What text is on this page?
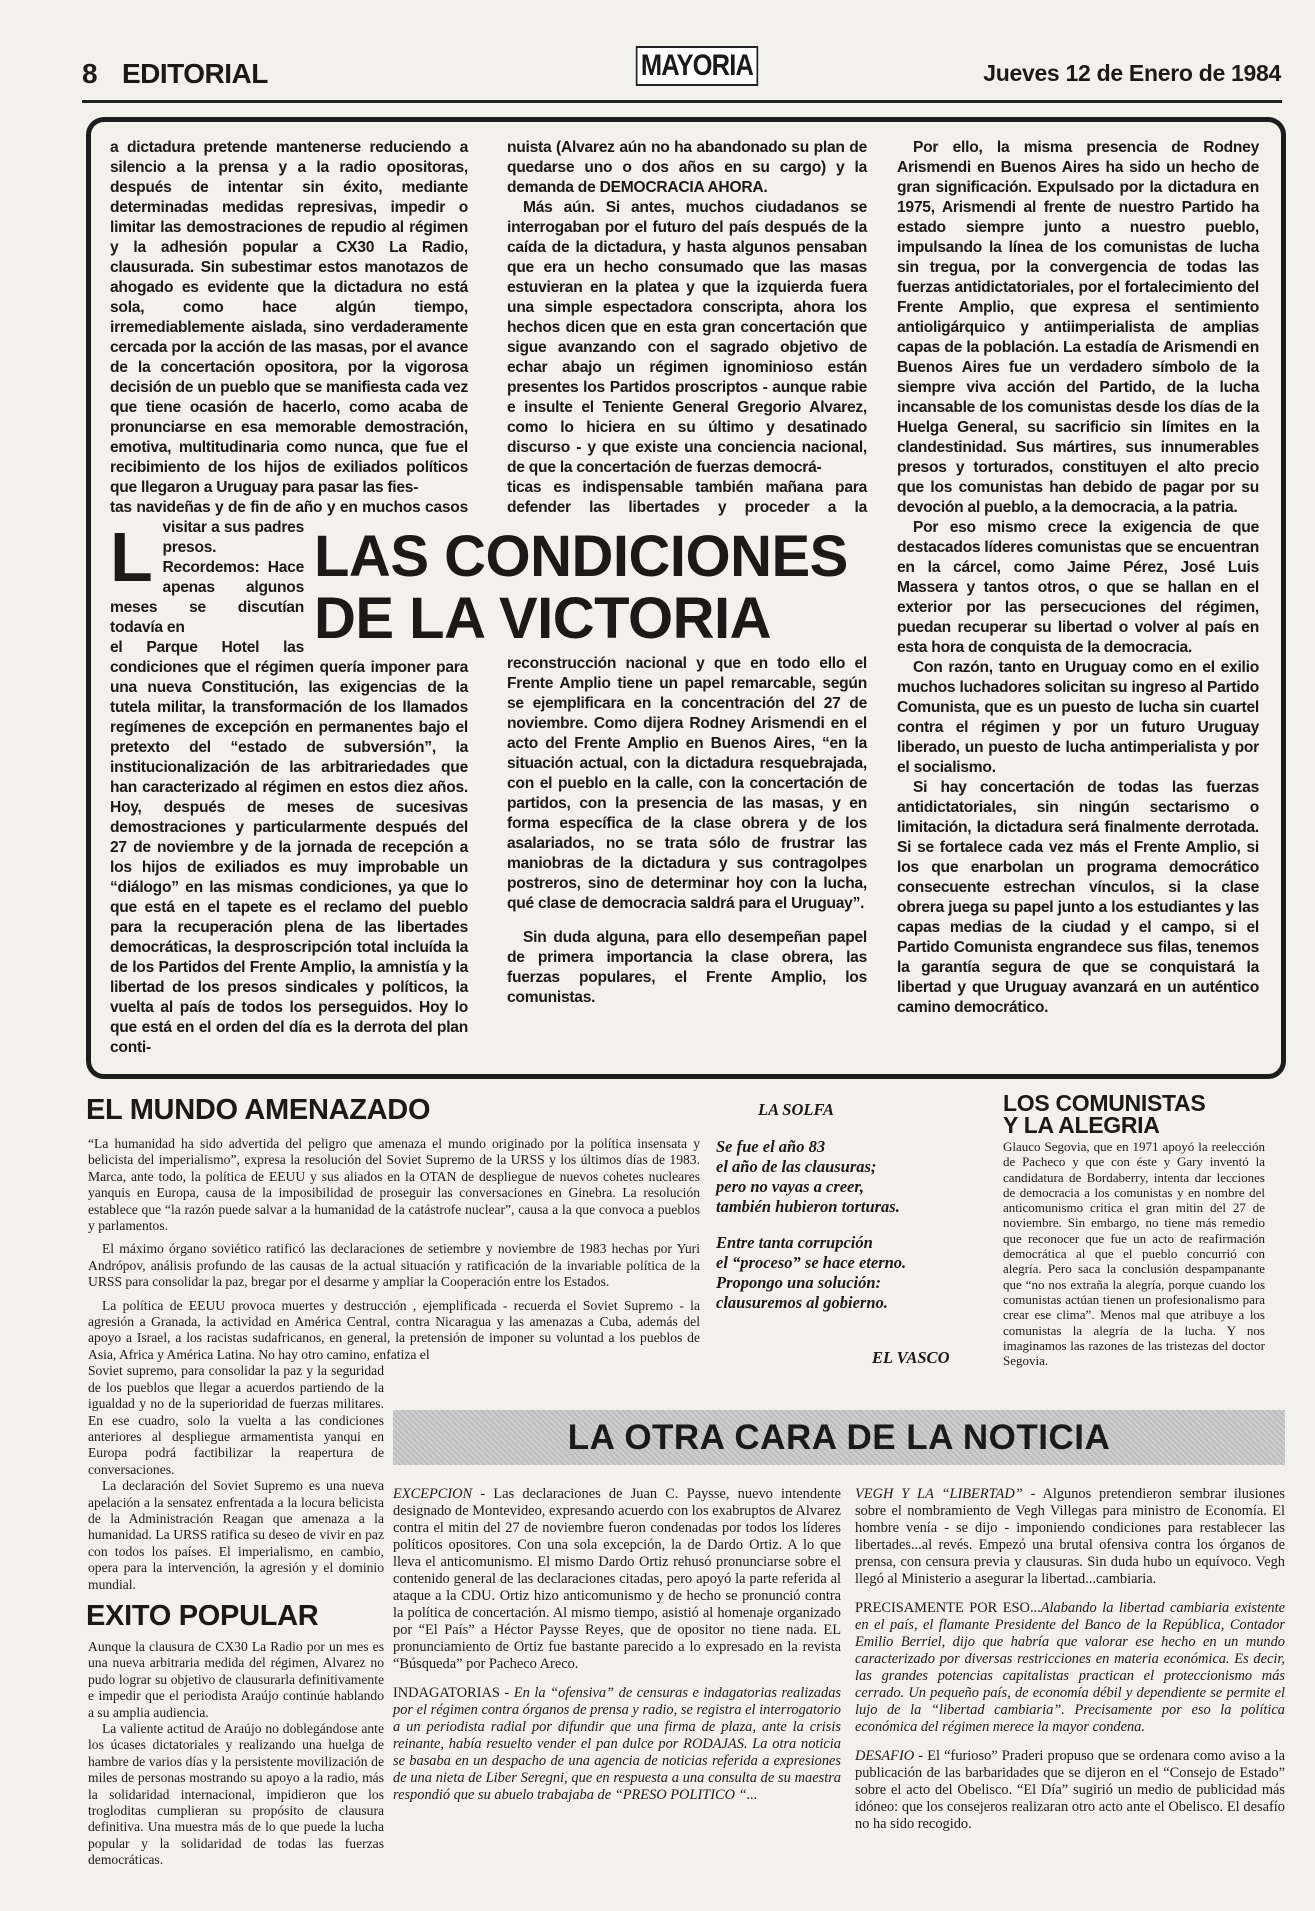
8 EDITORIAL	MAYORIA	Jueves 12 de Enero de 1984
L

a dictadura pretende mantenerse reduciendo a silencio a la prensa y a la radio opositoras, después de intentar sin éxito, mediante determinadas medidas represivas, impedir o limitar las demostraciones de repudio al régimen y la adhesión popular a CX30 La Radio, clausurada. Sin subestimar estos manotazos de ahogado es evidente que la dictadura no está sola, como hace algún tiempo, irremediablemente aislada, sino verdaderamente cercada por la acción de las masas, por el avance de la concertación opositora, por la vigorosa decisión de un pueblo que se manifiesta cada vez que tiene ocasión de hacerlo, como acaba de pronunciarse en esa memorable demostración, emotiva, multitudinaria como nunca, que fue el recibimiento de los hijos de exiliados políticos que llegaron a Uruguay para pasar las fies-

tas navideñas y de fin de año y en muchos casos visitar a sus padres presos.

Recordemos: Hace apenas algunos meses se discutían todavía en

el Parque Hotel las condiciones que el régimen quería imponer para una nueva Constitución, las exigencias de la tutela militar, la transformación de los llamados regímenes de excepción en permanentes bajo el pretexto del “estado de subversión”, la institucionalización de las arbitrariedades que han caracterizado al régimen en estos diez años. Hoy, después de meses de sucesivas demostraciones y particularmente después del 27 de noviembre y de la jornada de recepción a los hijos de exiliados es muy improbable un “diálogo” en las mismas condiciones, ya que lo que está en el tapete es el reclamo del pueblo para la recuperación plena de las libertades democráticas, la desproscripción total incluída la de los Partidos del Frente Amplio, la amnistía y la libertad de los presos sindicales y políticos, la vuelta al país de todos los perseguidos. Hoy lo que está en el orden del día es la derrota del plan conti-

nuista (Alvarez aún no ha abandonado su plan de quedarse uno o dos años en su cargo) y la demanda de DEMOCRACIA AHORA.

Más aún. Si antes, muchos ciudadanos se interrogaban por el futuro del país después de la caída de la dictadura, y hasta algunos pensaban que era un hecho consumado que las masas estuvieran en la platea y que la izquierda fuera una simple espectadora conscripta, ahora los hechos dicen que en esta gran concertación que sigue avanzando con el sagrado objetivo de echar abajo un régimen ignominioso están presentes los Partidos proscriptos - aunque rabie e insulte el Teniente General Gregorio Alvarez, como lo hiciera en su último y desatinado discurso - y que existe una conciencia nacional, de que la concertación de fuerzas democrá-

ticas es indispensable también mañana para defender las libertades y proceder a la reconstrucción nacional y que en todo ello el Frente Amplio tiene un papel remarcable, según se ejemplificara en la concentración del 27 de noviembre. Como dijera Rodney Arismendi en el acto del Frente Amplio en Buenos Aires, “en la situación actual, con la dictadura resquebrajada, con el pueblo en la calle, con la concertación de partidos, con la presencia de las masas, y en forma específica de la clase obrera y de los asalariados, no se trata sólo de frustrar las maniobras de la dictadura y sus contragolpes postreros, sino de determinar hoy con la lucha, qué clase de democracia saldrá para el Uruguay”.

Sin duda alguna, para ello desempeñan papel de primera importancia la clase obrera, las fuerzas populares, el Frente Amplio, los comunistas.

LAS CONDICIONES
DE LA VICTORIA

Por ello, la misma presencia de Rodney Arismendi en Buenos Aires ha sido un hecho de gran significación. Expulsado por la dictadura en 1975, Arismendi al frente de nuestro Partido ha estado siempre junto a nuestro pueblo, impulsando la línea de los comunistas de lucha sin tregua, por la convergencia de todas las fuerzas antidictatoriales, por el fortalecimiento del Frente Amplio, que expresa el sentimiento antioligárquico y antiimperialista de amplias capas de la población. La estadía de Arismendi en Buenos Aires fue un verdadero símbolo de la siempre viva acción del Partido, de la lucha incansable de los comunistas desde los días de la Huelga General, su sacrificio sin límites en la clandestinidad. Sus mártires, sus innumerables presos y torturados, constituyen el alto precio que los comunistas han debido de pagar por su devoción al pueblo, a la democracia, a la patria.

Por eso mismo crece la exigencia de que destacados líderes comunistas que se encuentran en la cárcel, como Jaime Pérez, José Luis Massera y tantos otros, o que se hallan en el exterior por las persecuciones del régimen, puedan recuperar su libertad o volver al país en esta hora de conquista de la democracia.

Con razón, tanto en Uruguay como en el exilio muchos luchadores solicitan su ingreso al Partido Comunista, que es un puesto de lucha sin cuartel contra el régimen y por un futuro Uruguay liberado, un puesto de lucha antimperialista y por el socialismo.

Si hay concertación de todas las fuerzas antidictatoriales, sin ningún sectarismo o limitación, la dictadura será finalmente derrotada. Si se fortalece cada vez más el Frente Amplio, si los que enarbolan un programa democrático consecuente estrechan vínculos, si la clase obrera juega su papel junto a los estudiantes y las capas medias de la ciudad y el campo, si el Partido Comunista engrandece sus filas, tenemos la garantía segura de que se conquistará la libertad y que Uruguay avanzará en un auténtico camino democrático.

EL MUNDO AMENAZADO

“La humanidad ha sido advertida del peligro que amenaza el mundo originado por la política insensata y belicista del imperialismo”, expresa la resolución del Soviet Supremo de la URSS y los últimos días de 1983. Marca, ante todo, la política de EEUU y sus aliados en la OTAN de despliegue de nuevos cohetes nucleares yanquis en Europa, causa de la imposibilidad de proseguir las conversaciones en Ginebra. La resolución establece que “la razón puede salvar a la humanidad de la catástrofe nuclear”, causa a la que convoca a pueblos y parlamentos.

El máximo órgano soviético ratificó las declaraciones de setiembre y noviembre de 1983 hechas por Yuri Andrópov, análisis profundo de las causas de la actual situación y ratificación de la invariable política de la URSS para consolidar la paz, bregar por el desarme y ampliar la Cooperación entre los Estados.

La política de EEUU provoca muertes y destrucción , ejemplificada - recuerda el Soviet Supremo - la agresión a Granada, la actividad en América Central, contra Nicaragua y las amenazas a Cuba, además del apoyo a Israel, a los racistas sudafricanos, en general, la pretensión de imponer su voluntad a los pueblos de Asia, Africa y América Latina. No hay otro camino, enfatiza el

Soviet supremo, para consolidar la paz y la seguridad de los pueblos que llegar a acuerdos partiendo de la igualdad y no de la superioridad de fuerzas militares. En ese cuadro, solo la vuelta a las condiciones anteriores al despliegue armamentista yanqui en Europa podrá factibilizar la reapertura de conversaciones.

La declaración del Soviet Supremo es una nueva apelación a la sensatez enfrentada a la locura belicista de la Administración Reagan que amenaza a la humanidad. La URSS ratifica su deseo de vivir en paz con todos los países. El imperialismo, en cambio, opera para la intervención, la agresión y el dominio mundial.

EXITO POPULAR

Aunque la clausura de CX30 La Radio por un mes es una nueva arbitraria medida del régimen, Alvarez no pudo lograr su objetivo de clausurarla definitivamente e impedir que el periodista Araújo continúe hablando a su amplia audiencia.

La valiente actitud de Araújo no doblegándose ante los úcases dictatoriales y realizando una huelga de hambre de varios días y la persistente movilización de miles de personas mostrando su apoyo a la radio, más la solidaridad internacional, impidieron que los trogloditas cumplieran su propósito de clausura definitiva. Una muestra más de lo que puede la lucha popular y la solidaridad de todas las fuerzas democráticas.

LA SOLFA
Se fue el año 83
el año de las clausuras;
pero no vayas a creer,
también hubieron torturas.
Entre tanta corrupción
el “proceso” se hace eterno.
Propongo una solución:
clausuremos al gobierno.
EL VASCO
LOS COMUNISTAS
Y LA ALEGRIA

Glauco Segovia, que en 1971 apoyó la reelección de Pacheco y que con éste y Gary inventó la candidatura de Bordaberry, intenta dar lecciones de democracia a los comunistas y en nombre del anticomunismo critica el gran mitin del 27 de noviembre. Sin embargo, no tiene más remedio que reconocer que fue un acto de reafirmación democrática al que el pueblo concurrió con alegría. Pero saca la conclusión despampanante que “no nos extraña la alegría, porque cuando los comunistas actúan tienen un profesionalismo para crear ese clima”. Menos mal que atribuye a los comunistas la alegría de la lucha. Y nos imaginamos las razones de las tristezas del doctor Segovia.

LA OTRA CARA DE LA NOTICIA

EXCEPCION - Las declaraciones de Juan C. Paysse, nuevo intendente designado de Montevideo, expresando acuerdo con los exabruptos de Alvarez contra el mitin del 27 de noviembre fueron condenadas por todos los líderes políticos opositores. Con una sola excepción, la de Dardo Ortiz. A lo que lleva el anticomunismo. El mismo Dardo Ortiz rehusó pronunciarse sobre el contenido general de las declaraciones citadas, pero apoyó la parte referida al ataque a la CDU. Ortiz hizo anticomunismo y de hecho se pronunció contra la política de concertación. Al mismo tiempo, asistió al homenaje organizado por “El País” a Héctor Paysse Reyes, que de opositor no tiene nada. EL pronunciamiento de Ortiz fue bastante parecido a lo expresado en la revista “Búsqueda” por Pacheco Areco.

INDAGATORIAS - En la “ofensiva” de censuras e indagatorias realizadas por el régimen contra órganos de prensa y radio, se registra el interrogatorio a un periodista radial por difundir que una firma de plaza, ante la crisis reinante, había resuelto vender el pan dulce por RODAJAS. La otra noticia se basaba en un despacho de una agencia de noticias referida a expresiones de una nieta de Liber Seregni, que en respuesta a una consulta de su maestra respondió que su abuelo trabajaba de “PRESO POLITICO “...

VEGH Y LA “LIBERTAD” - Algunos pretendieron sembrar ilusiones sobre el nombramiento de Vegh Villegas para ministro de Economía. El hombre venía - se dijo - imponiendo condiciones para restablecer las libertades...al revés. Empezó una brutal ofensiva contra los órganos de prensa, con censura previa y clausuras. Sin duda hubo un equívoco. Vegh llegó al Ministerio a asegurar la libertad...cambiaria.

PRECISAMENTE POR ESO...Alabando la libertad cambiaria existente en el país, el flamante Presidente del Banco de la República, Contador Emilio Berriel, dijo que habría que valorar ese hecho en un mundo caracterizado por diversas restricciones en materia económica. Es decir, las grandes potencias capitalistas practican el proteccionismo más cerrado. Un pequeño país, de economía débil y dependiente se permite el lujo de la “libertad cambiaria”. Precisamente por eso la política económica del régimen merece la mayor condena.

DESAFIO - El “furioso” Praderi propuso que se ordenara como aviso a la publicación de las barbaridades que se dijeron en el “Consejo de Estado” sobre el acto del Obelisco. “El Día” sugirió un medio de publicidad más idóneo: que los consejeros realizaran otro acto ante el Obelisco. El desafío no ha sido recogido.
